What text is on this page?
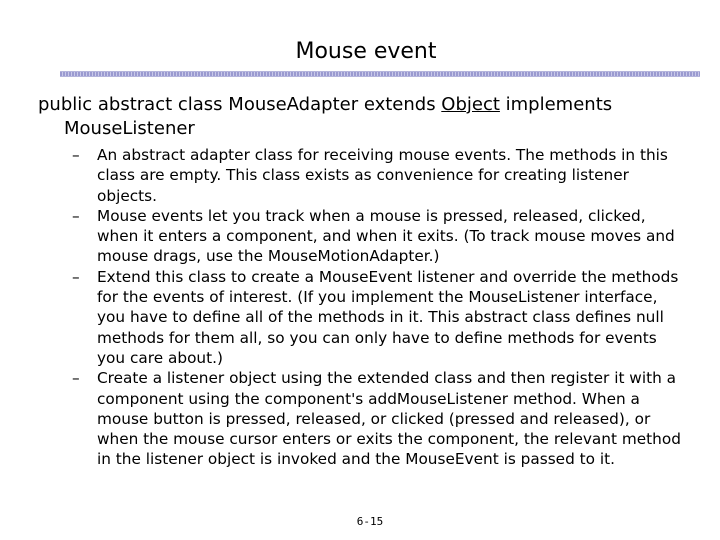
Mouse event

public abstract class MouseAdapter extends Object implements MouseListener

– An abstract adapter class for receiving mouse events. The methods in this class are empty. This class exists as convenience for creating listener objects.
– Mouse events let you track when a mouse is pressed, released, clicked, when it enters a component, and when it exits. (To track mouse moves and mouse drags, use the MouseMotionAdapter.)
– Extend this class to create a MouseEvent listener and override the methods for the events of interest. (If you implement the MouseListener interface, you have to define all of the methods in it. This abstract class defines null methods for them all, so you can only have to define methods for events you care about.)
– Create a listener object using the extended class and then register it with a component using the component's addMouseListener method. When a mouse button is pressed, released, or clicked (pressed and released), or when the mouse cursor enters or exits the component, the relevant method in the listener object is invoked and the MouseEvent is passed to it.
6-15
